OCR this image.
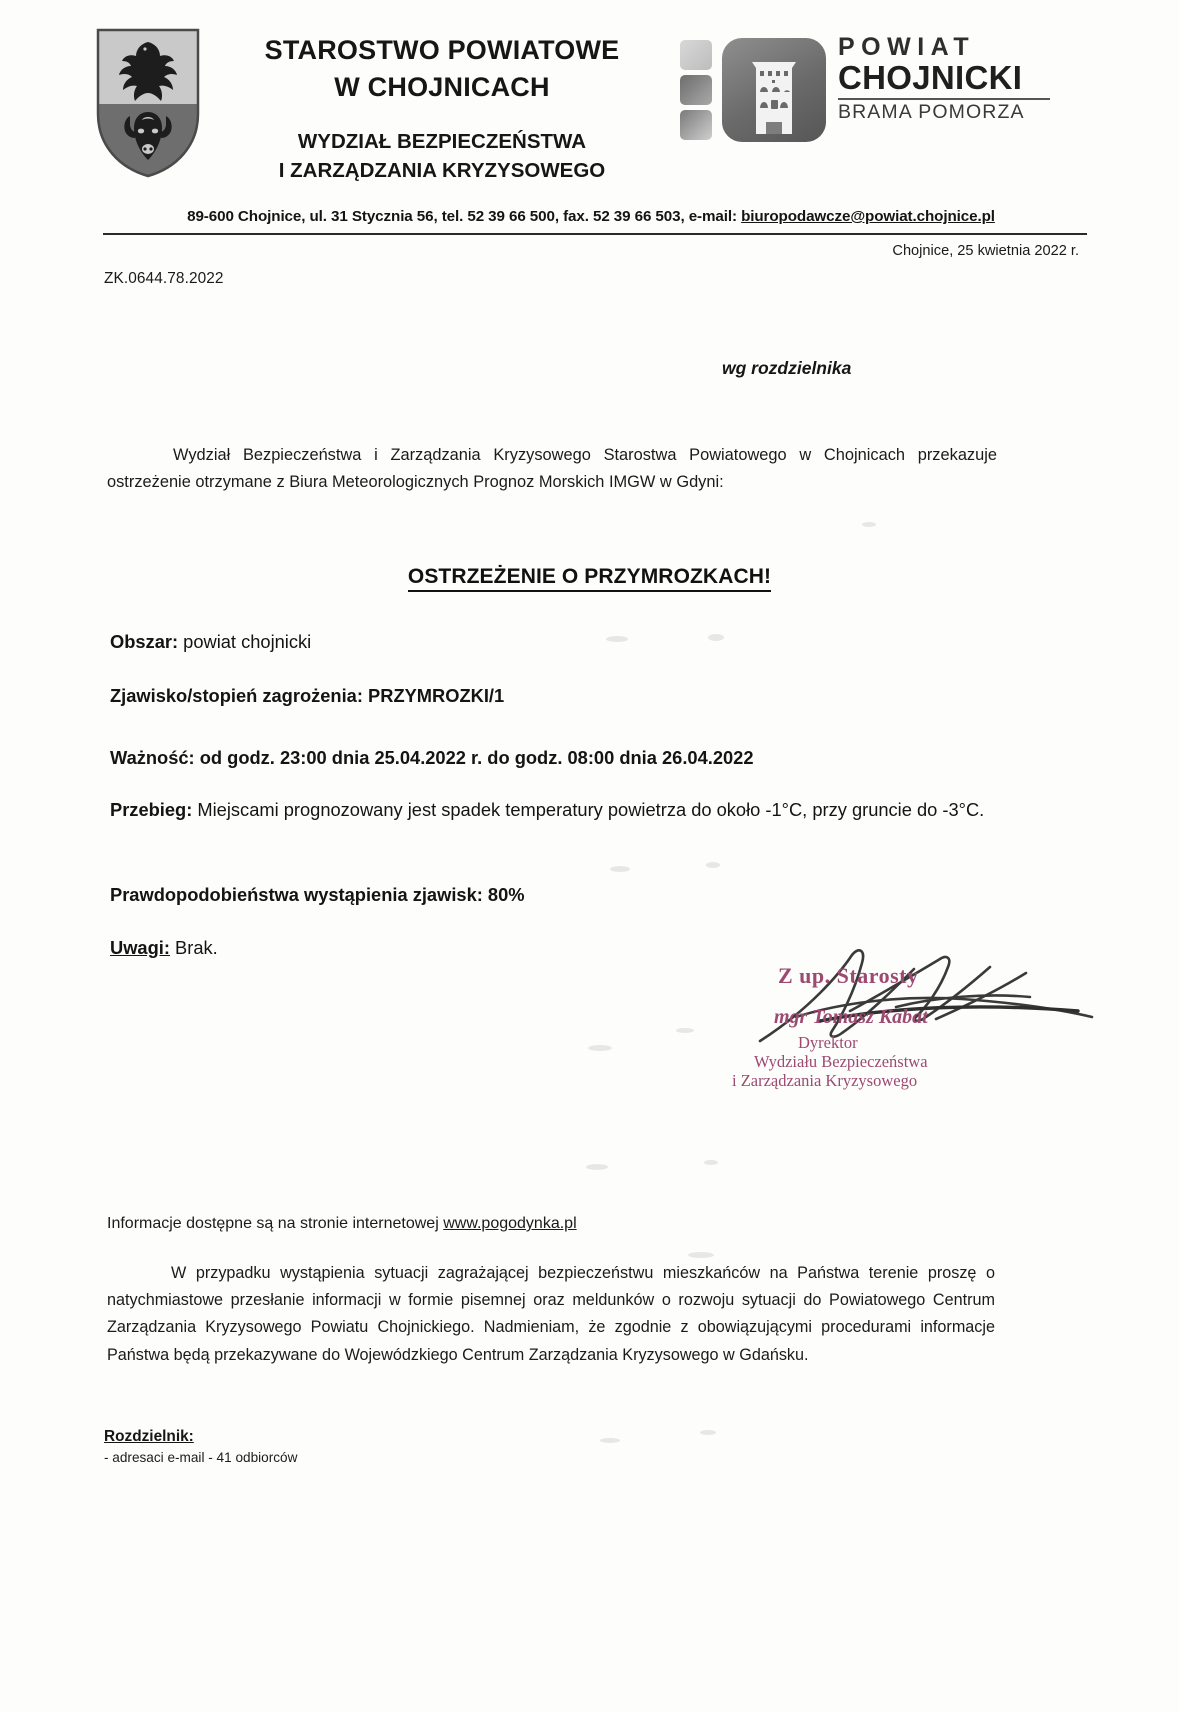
STAROSTWO POWIATOWE
W CHOJNICACH
WYDZIAŁ BEZPIECZEŃSTWA
I ZARZĄDZANIA KRYZYSOWEGO
POWIAT
CHOJNICKI
BRAMA POMORZA
89-600 Chojnice, ul. 31 Stycznia 56, tel. 52 39 66 500, fax. 52 39 66 503, e-mail: biuropodawcze@powiat.chojnice.pl
Chojnice, 25 kwietnia 2022 r.
ZK.0644.78.2022
wg rozdzielnika
Wydział Bezpieczeństwa i Zarządzania Kryzysowego Starostwa Powiatowego w Chojnicach przekazuje ostrzeżenie otrzymane z Biura Meteorologicznych Prognoz Morskich IMGW w Gdyni:
OSTRZEŻENIE O PRZYMROZKACH!
Obszar: powiat chojnicki
Zjawisko/stopień zagrożenia: PRZYMROZKI/1
Ważność: od godz. 23:00 dnia 25.04.2022 r. do godz. 08:00 dnia 26.04.2022
Przebieg: Miejscami prognozowany jest spadek temperatury powietrza do około -1°C, przy gruncie do -3°C.
Prawdopodobieństwa wystąpienia zjawisk: 80%
Uwagi: Brak.
Z up. Starosty
mgr Tomasz Kabat
Dyrektor
Wydziału Bezpieczeństwa
i Zarządzania Kryzysowego
Informacje dostępne są na stronie internetowej www.pogodynka.pl
W przypadku wystąpienia sytuacji zagrażającej bezpieczeństwu mieszkańców na Państwa terenie proszę o natychmiastowe przesłanie informacji w formie pisemnej oraz meldunków o rozwoju sytuacji do Powiatowego Centrum Zarządzania Kryzysowego Powiatu Chojnickiego. Nadmieniam, że zgodnie z obowiązującymi procedurami informacje Państwa będą przekazywane do Wojewódzkiego Centrum Zarządzania Kryzysowego w Gdańsku.
Rozdzielnik:
- adresaci e-mail - 41 odbiorców
